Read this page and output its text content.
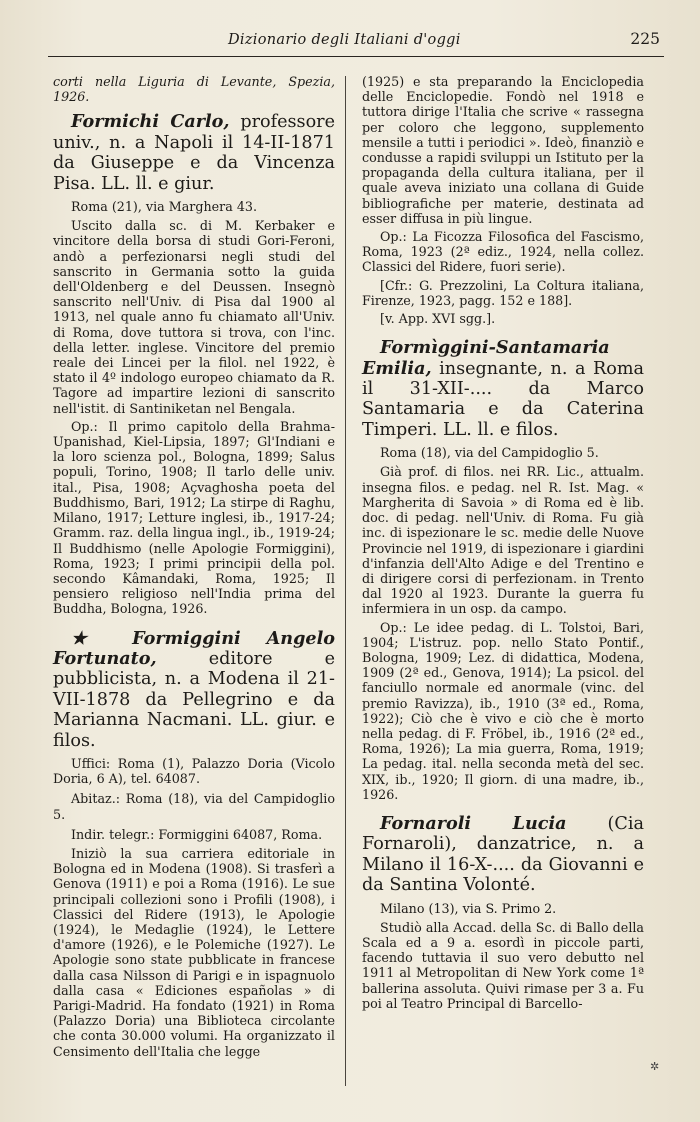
Dizionario degli Italiani d'oggi	225

corti nella Liguria di Levante, Spezia, 1926.

Formichi Carlo, professore univ., n. a Napoli il 14-II-1871 da Giuseppe e da Vincenza Pisa. LL. ll. e giur.

Roma (21), via Marghera 43.

Uscito dalla sc. di M. Kerbaker e vincitore della borsa di studi Gori-Feroni, andò a perfezionarsi negli studi del sanscrito in Germania sotto la guida dell'Oldenberg e del Deussen. Insegnò sanscrito nell'Univ. di Pisa dal 1900 al 1913, nel quale anno fu chiamato all'Univ. di Roma, dove tuttora si trova, con l'inc. della letter. inglese. Vincitore del premio reale dei Lincei per la filol. nel 1922, è stato il 4º indologo europeo chiamato da R. Tagore ad impartire lezioni di sanscrito nell'istit. di Santiniketan nel Bengala.

Op.: Il primo capitolo della Brahma-Upanishad, Kiel-Lipsia, 1897; Gl'Indiani e la loro scienza pol., Bologna, 1899; Salus populi, Torino, 1908; Il tarlo delle univ. ital., Pisa, 1908; Açvaghosha poeta del Buddhismo, Bari, 1912; La stirpe di Raghu, Milano, 1917; Letture inglesi, ib., 1917-24; Gramm. raz. della lingua ingl., ib., 1919-24; Il Buddhismo (nelle Apologie Formiggini), Roma, 1923; I primi principii della pol. secondo Kâmandaki, Roma, 1925; Il pensiero religioso nell'India prima del Buddha, Bologna, 1926.

★ Formiggini Angelo Fortunato,	editore e pubblicista, n. a Modena il 21-VII-1878 da Pellegrino e da Marianna Nacmani. LL. giur. e filos.

Uffici: Roma (1), Palazzo Doria (Vicolo Doria, 6 A), tel. 64087.

Abitaz.: Roma (18), via del Campidoglio 5.

Indir. telegr.: Formiggini 64087, Roma.

Iniziò la sua carriera editoriale in Bologna ed in Modena (1908). Si trasferì a Genova (1911) e poi a Roma (1916). Le sue principali collezioni sono i Profili (1908), i Classici del Ridere (1913), le Apologie (1924), le Medaglie (1924), le Lettere d'amore (1926), e le Polemiche (1927). Le Apologie sono state pubblicate in francese dalla casa Nilsson di Parigi e in ispagnuolo dalla casa « Ediciones españolas » di Parigi-Madrid. Ha fondato (1921) in Roma (Palazzo Doria) una Biblioteca circolante che conta 30.000 volumi. Ha organizzato il Censimento dell'Italia che legge

(1925) e sta preparando la Enciclopedia delle Enciclopedie. Fondò nel 1918 e tuttora dirige l'Italia che scrive « rassegna per coloro che leggono, supplemento mensile a tutti i periodici ». Ideò, finanziò e condusse a rapidi sviluppi un Istituto per la propaganda della cultura italiana, per il quale aveva iniziato una collana di Guide bibliografiche per materie, destinata ad esser diffusa in più lingue.

Op.: La Ficozza Filosofica del Fascismo, Roma, 1923 (2ª ediz., 1924, nella collez. Classici del Ridere, fuori serie).

[Cfr.: G. Prezzolini, La Coltura italiana, Firenze, 1923, pagg. 152 e 188].

[v. App. XVI sgg.].

Formìggini-Santamaria Emilia, insegnante, n. a Roma il 31-XII-.... da Marco Santamaria e da Caterina Timperi. LL. ll. e filos.

Roma (18), via del Campidoglio 5.

Già prof. di filos. nei RR. Lic., attualm. insegna filos. e pedag. nel R. Ist. Mag. « Margherita di Savoia » di Roma ed è lib. doc. di pedag. nell'Univ. di Roma. Fu già inc. di ispezionare le sc. medie delle Nuove Provincie nel 1919, di ispezionare i giardini d'infanzia dell'Alto Adige e del Trentino e di dirigere corsi di perfezionam. in Trento dal 1920 al 1923. Durante la guerra fu infermiera in un osp. da campo.

Op.: Le idee pedag. di L. Tolstoi, Bari, 1904; L'istruz. pop. nello Stato Pontif., Bologna, 1909; Lez. di didattica, Modena, 1909 (2ª ed., Genova, 1914); La psicol. del fanciullo normale ed anormale (vinc. del premio Ravizza), ib., 1910 (3ª ed., Roma, 1922); Ciò che è vivo e ciò che è morto nella pedag. di F. Fröbel, ib., 1916 (2ª ed., Roma, 1926); La mia guerra, Roma, 1919; La pedag. ital. nella seconda metà del sec. XIX, ib., 1920; Il giorn. di una madre, ib., 1926.

Fornaroli Lucia (Cia Fornaroli), danzatrice, n. a Milano il 16-X-.... da Giovanni e da Santina Volonté.

Milano (13), via S. Primo 2.

Studiò alla Accad. della Sc. di Ballo della Scala ed a 9 a. esordì in piccole parti, facendo tuttavia il suo vero debutto nel 1911 al Metropolitan di New York come 1ª ballerina assoluta. Quivi rimase per 3 a. Fu poi al Teatro Principal di Barcello-

✲
